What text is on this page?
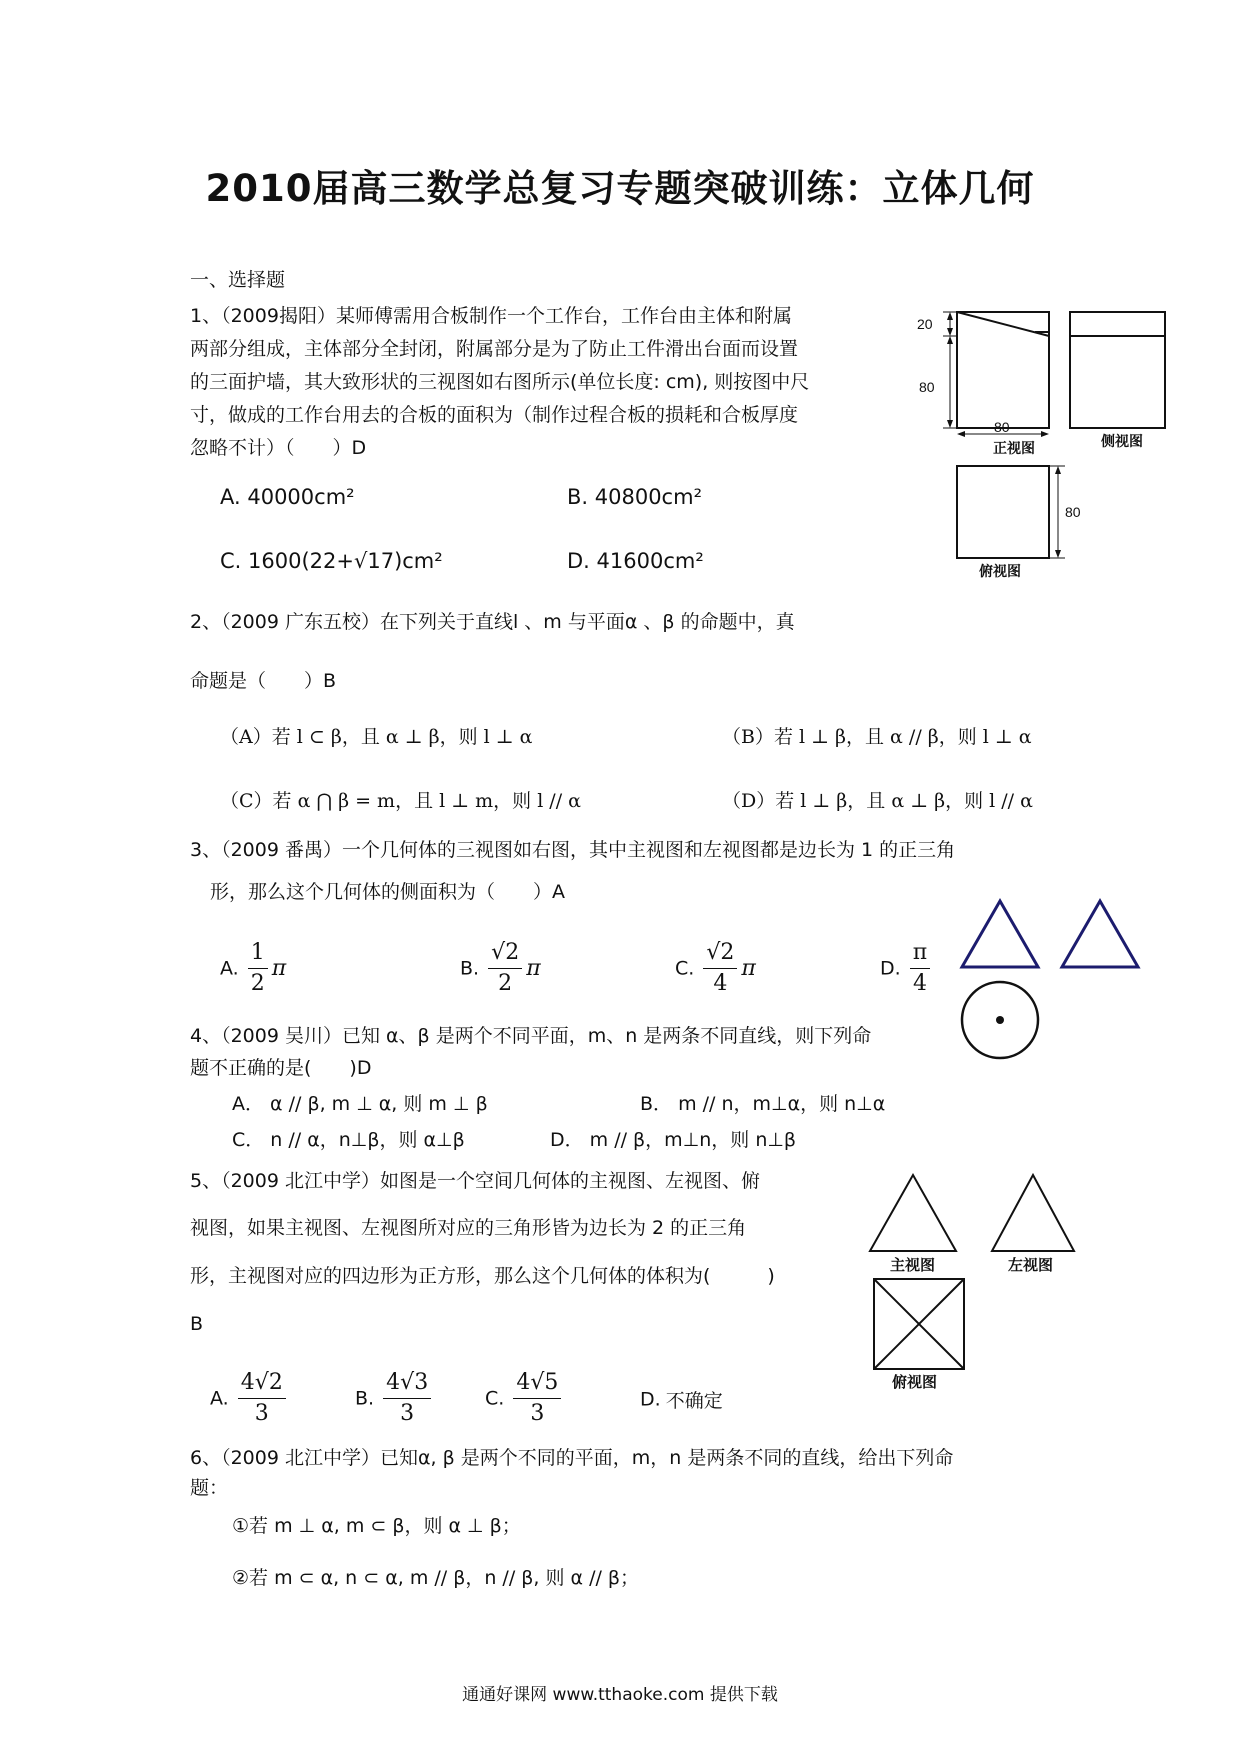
2010届高三数学总复习专题突破训练：立体几何
一、选择题
1、（2009揭阳）某师傅需用合板制作一个工作台，工作台由主体和附属
两部分组成，主体部分全封闭，附属部分是为了防止工件滑出台面而设置
的三面护墙，其大致形状的三视图如右图所示(单位长度: cm), 则按图中尺
寸，做成的工作台用去的合板的面积为（制作过程合板的损耗和合板厚度
忽略不计）（　　）D
A. 40000cm²	B. 40800cm²
C. 1600(22+√17)cm²	D. 41600cm²
20
80
80
80
正视图	侧视图
俯视图
2、（2009 广东五校）在下列关于直线l 、m 与平面α 、β 的命题中，真
命题是（　　）B
（A）若 l ⊂ β，且 α ⊥ β，则 l ⊥ α	（B）若 l ⊥ β，且 α // β，则 l ⊥ α
（C）若 α ⋂ β = m，且 l ⊥ m，则 l // α	（D）若 l ⊥ β，且 α ⊥ β，则 l // α
3、（2009 番禺）一个几何体的三视图如右图，其中主视图和左视图都是边长为 1 的正三角
形，那么这个几何体的侧面积为（　　）A
A. $\frac{1}{2}$ π	B. $\frac{√2}{2}$ π	C. $\frac{√2}{4}$ π	D. $\frac{\pi}{4}$
4、（2009 吴川）已知 α、β 是两个不同平面，m、n 是两条不同直线，则下列命
题不正确的是(　　)D
A． α // β, m ⊥ α, 则 m ⊥ β	B． m // n，m⊥α，则 n⊥α
C． n // α，n⊥β，则 α⊥β	D． m // β，m⊥n，则 n⊥β
5、（2009 北江中学）如图是一个空间几何体的主视图、左视图、俯
视图，如果主视图、左视图所对应的三角形皆为边长为 2 的正三角
形，主视图对应的四边形为正方形，那么这个几何体的体积为(　　　)
B
A. $\frac{4√2}{3}$	B. $\frac{4√3}{3}$	C. $\frac{4√5}{3}$	D. 不确定
主视图	左视图
俯视图
6、（2009 北江中学）已知α, β 是两个不同的平面，m，n 是两条不同的直线，给出下列命
题：
①若 m ⊥ α, m ⊂ β，则 α ⊥ β；
②若 m ⊂ α, n ⊂ α, m // β，n // β, 则 α // β；
通通好课网 www.tthaoke.com 提供下载
